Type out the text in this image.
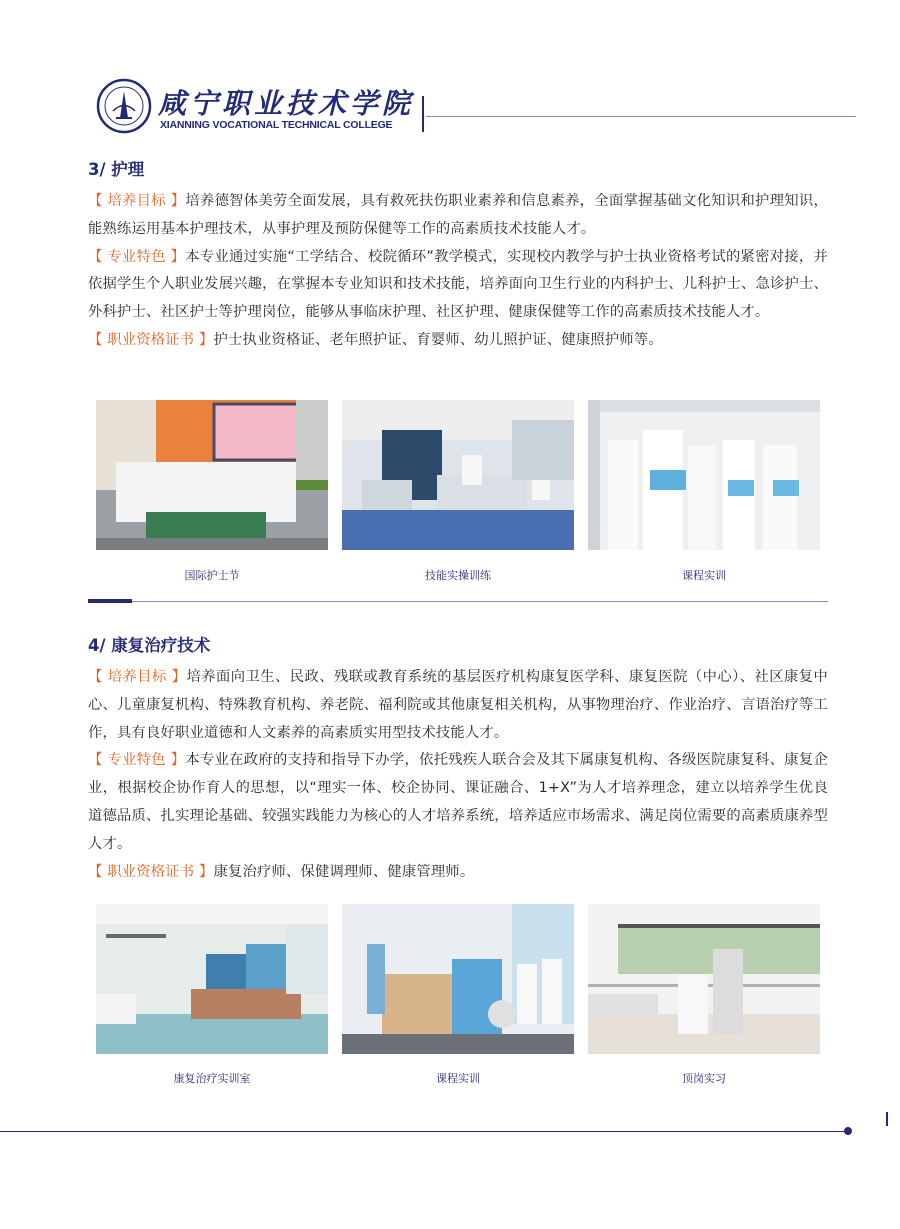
咸宁职业技术学院
XIANNING VOCATIONAL TECHNICAL COLLEGE
3/ 护理

【 培养目标 】培养德智体美劳全面发展，具有救死扶伤职业素养和信息素养，全面掌握基础文化知识和护理知识，能熟练运用基本护理技术，从事护理及预防保健等工作的高素质技术技能人才。

【 专业特色 】本专业通过实施“工学结合、校院循环”教学模式，实现校内教学与护士执业资格考试的紧密对接，并依据学生个人职业发展兴趣，在掌握本专业知识和技术技能，培养面向卫生行业的内科护士、儿科护士、急诊护士、外科护士、社区护士等护理岗位，能够从事临床护理、社区护理、健康保健等工作的高素质技术技能人才。

【 职业资格证书 】护士执业资格证、老年照护证、育婴师、幼儿照护证、健康照护师等。

国际护士节	技能实操训练	课程实训
4/ 康复治疗技术

【 培养目标 】培养面向卫生、民政、残联或教育系统的基层医疗机构康复医学科、康复医院（中心）、社区康复中心、儿童康复机构、特殊教育机构、养老院、福利院或其他康复相关机构，从事物理治疗、作业治疗、言语治疗等工作，具有良好职业道德和人文素养的高素质实用型技术技能人才。

【 专业特色 】本专业在政府的支持和指导下办学，依托残疾人联合会及其下属康复机构、各级医院康复科、康复企业，根据校企协作育人的思想，以“理实一体、校企协同、课证融合、1+X”为人才培养理念，建立以培养学生优良道德品质、扎实理论基础、较强实践能力为核心的人才培养系统，培养适应市场需求、满足岗位需要的高素质康养型人才。

【 职业资格证书 】康复治疗师、保健调理师、健康管理师。

康复治疗实训室	课程实训	顶岗实习
